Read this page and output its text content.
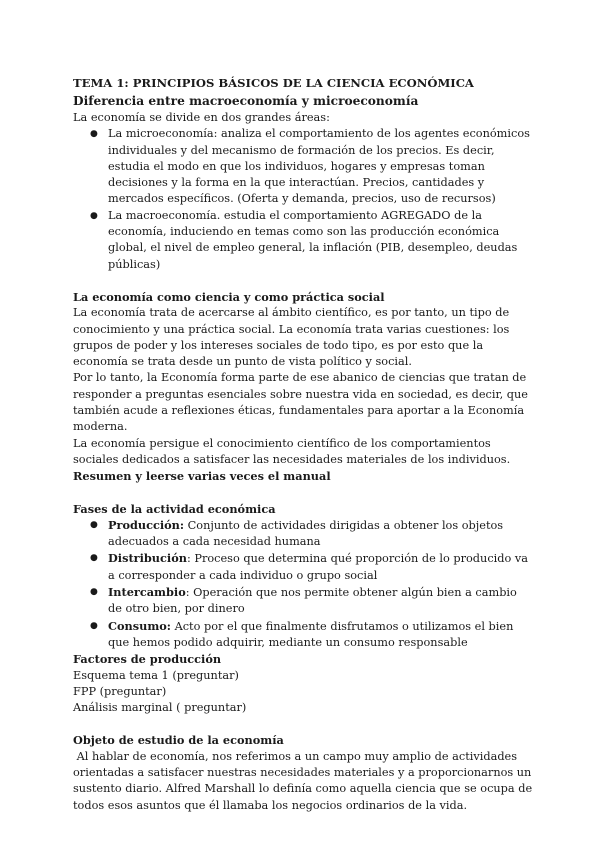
TEMA 1: PRINCIPIOS BÁSICOS DE LA CIENCIA ECONÓMICA

Diferencia entre macroeconomía y microeconomía

La economía se divide en dos grandes áreas:

● La microeconomía: analiza el comportamiento de los agentes económicos individuales y del mecanismo de formación de los precios. Es decir, estudia el modo en que los individuos, hogares y empresas toman decisiones y la forma en la que interactúan. Precios, cantidades y mercados específicos. (Oferta y demanda, precios, uso de recursos)
● La macroeconomía. estudia el comportamiento AGREGADO de la economía, induciendo en temas como son las producción económica global, el nivel de empleo general, la inflación (PIB, desempleo, deudas públicas)

La economía como ciencia y como práctica social

La economía trata de acercarse al ámbito científico, es por tanto, un tipo de conocimiento y una práctica social. La economía trata varias cuestiones: los grupos de poder y los intereses sociales de todo tipo, es por esto que la economía se trata desde un punto de vista político y social.

Por lo tanto, la Economía forma parte de ese abanico de ciencias que tratan de responder a preguntas esenciales sobre nuestra vida en sociedad, es decir, que también acude a reflexiones éticas, fundamentales para aportar a la Economía moderna.

La economía persigue el conocimiento científico de los comportamientos sociales dedicados a satisfacer las necesidades materiales de los individuos.

Resumen y leerse varias veces el manual

Fases de la actividad económica

● Producción: Conjunto de actividades dirigidas a obtener los objetos adecuados a cada necesidad humana
● Distribución: Proceso que determina qué proporción de lo producido va a corresponder a cada individuo o grupo social
● Intercambio: Operación que nos permite obtener algún bien a cambio de otro bien, por dinero
● Consumo: Acto por el que finalmente disfrutamos o utilizamos el bien que hemos podido adquirir, mediante un consumo responsable

Factores de producción

Esquema tema 1 (preguntar)

FPP (preguntar)

Análisis marginal ( preguntar)

Objeto de estudio de la economía

Al hablar de economía, nos referimos a un campo muy amplio de actividades orientadas a satisfacer nuestras necesidades materiales y a proporcionarnos un sustento diario. Alfred Marshall lo definía como aquella ciencia que se ocupa de todos esos asuntos que él llamaba los negocios ordinarios de la vida.
